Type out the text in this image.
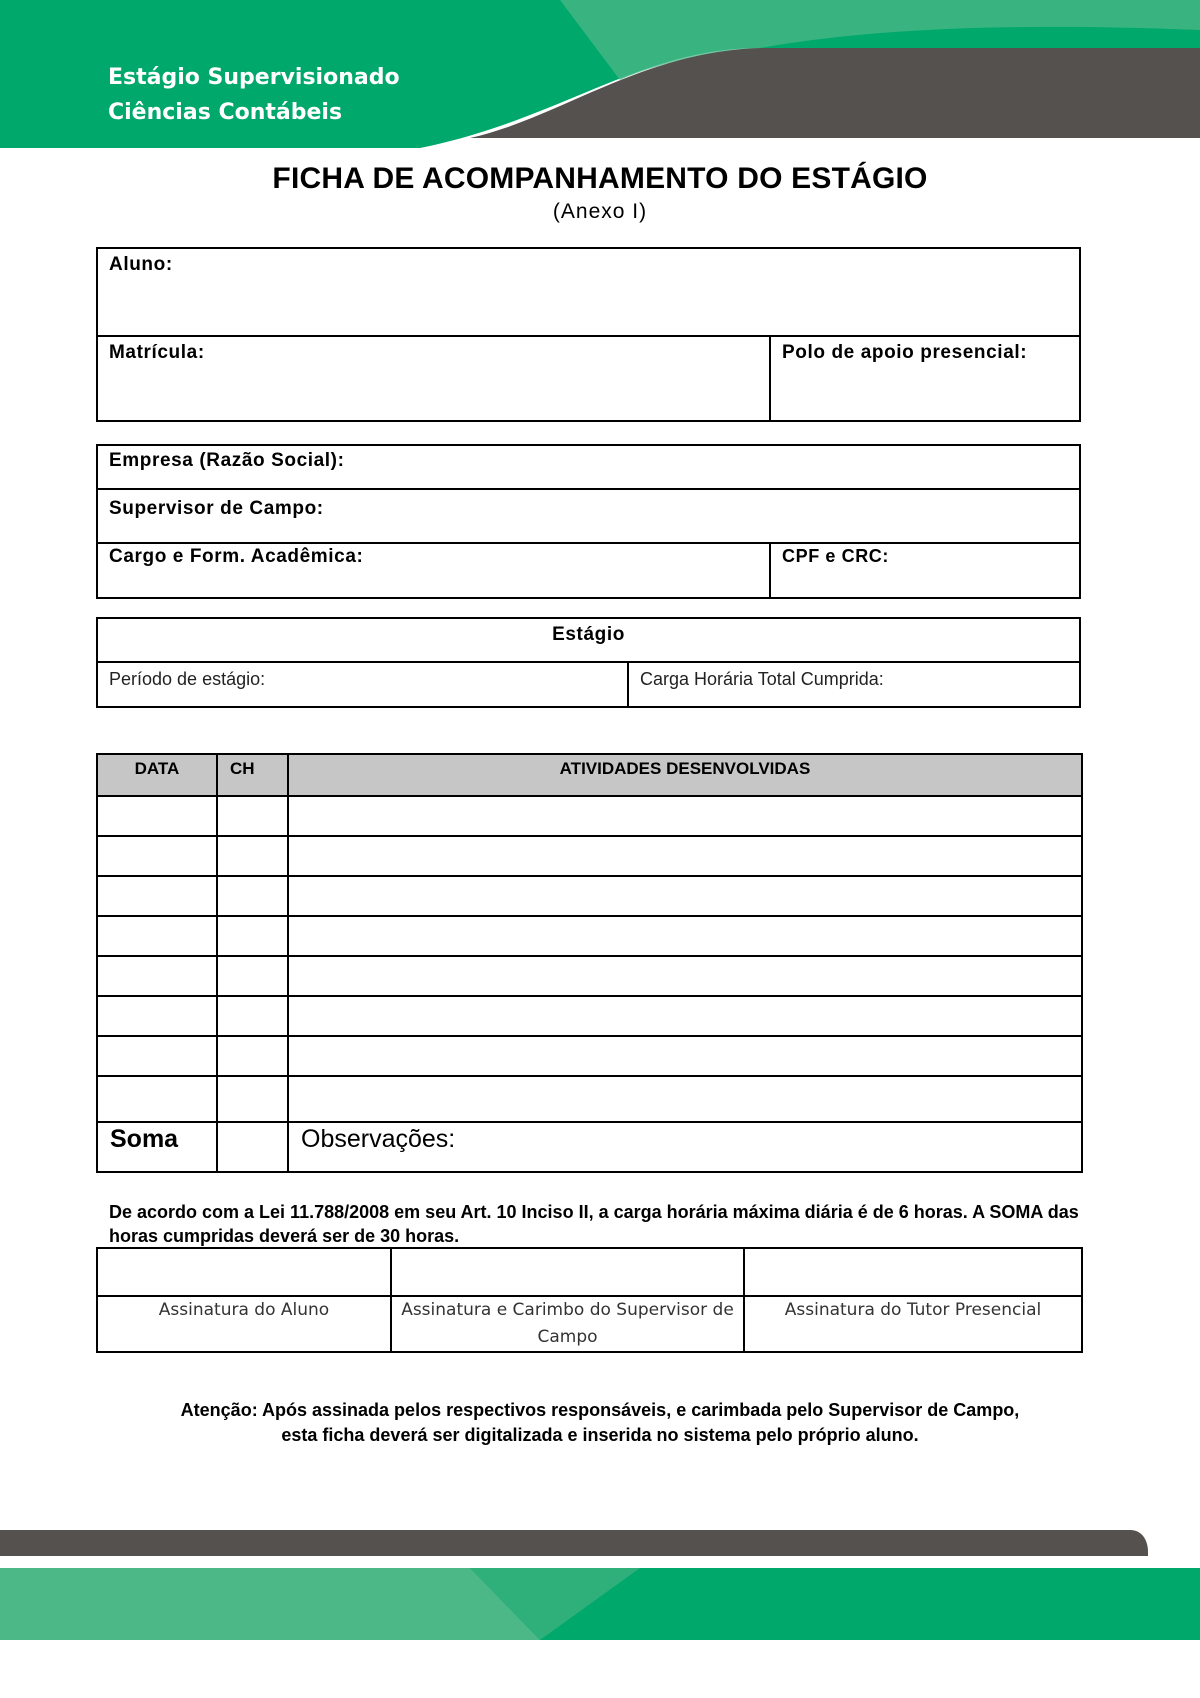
Estágio Supervisionado
Ciências Contábeis
FICHA DE ACOMPANHAMENTO DO ESTÁGIO
(Anexo I)
Aluno:
Matrícula:	Polo de apoio presencial:
Empresa (Razão Social):
Supervisor de Campo:
Cargo e Form. Acadêmica:	CPF e CRC:
Estágio
Período de estágio:	Carga Horária Total Cumprida:
DATA	CH	ATIVIDADES DESENVOLVIDAS

Soma		Observações:
De acordo com a Lei 11.788/2008 em seu Art. 10 Inciso II, a carga horária máxima diária é de 6 horas. A SOMA das horas cumpridas deverá ser de 30 horas.

Assinatura do Aluno	Assinatura e Carimbo do Supervisor de Campo	Assinatura do Tutor Presencial
Atenção: Após assinada pelos respectivos responsáveis, e carimbada pelo Supervisor de Campo,
esta ficha deverá ser digitalizada e inserida no sistema pelo próprio aluno.
